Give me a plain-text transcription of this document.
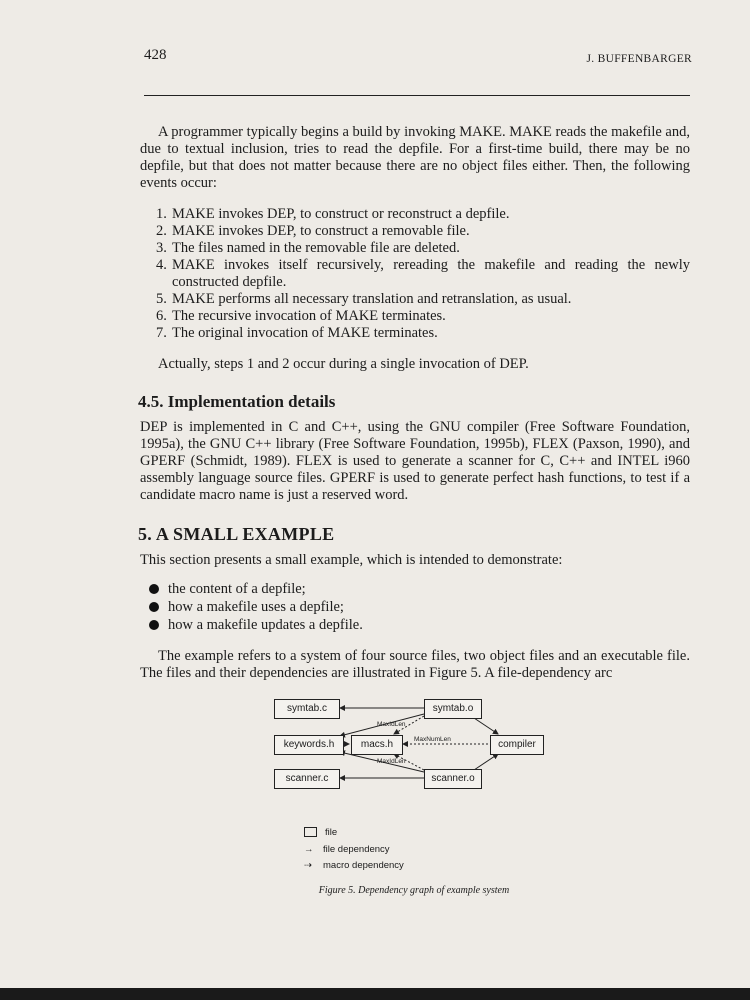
428	J. BUFFENBARGER

A programmer typically begins a build by invoking MAKE. MAKE reads the makefile and, due to textual inclusion, tries to read the depfile. For a first-time build, there may be no depfile, but that does not matter because there are no object files either. Then, the following events occur:

1. MAKE invokes DEP, to construct or reconstruct a depfile.
2. MAKE invokes DEP, to construct a removable file.
3. The files named in the removable file are deleted.
4. MAKE invokes itself recursively, rereading the makefile and reading the newly constructed depfile.
5. MAKE performs all necessary translation and retranslation, as usual.
6. The recursive invocation of MAKE terminates.
7. The original invocation of MAKE terminates.

Actually, steps 1 and 2 occur during a single invocation of DEP.

4.5. Implementation details

DEP is implemented in C and C++, using the GNU compiler (Free Software Foundation, 1995a), the GNU C++ library (Free Software Foundation, 1995b), FLEX (Paxson, 1990), and GPERF (Schmidt, 1989). FLEX is used to generate a scanner for C, C++ and INTEL i960 assembly language source files. GPERF is used to generate perfect hash functions, to test if a candidate macro name is just a reserved word.

5. A SMALL EXAMPLE

This section presents a small example, which is intended to demonstrate:

the content of a depfile;
how a makefile uses a depfile;
how a makefile updates a depfile.

The example refers to a system of four source files, two object files and an executable file. The files and their dependencies are illustrated in Figure 5. A file-dependency arc

symtab.c	symtab.o
keywords.h	macs.h	compiler
scanner.c	scanner.o
MaxIdLen
MaxNumLen
MaxIdLen
file
→ file dependency
⇢ macro dependency
Figure 5. Dependency graph of example system
